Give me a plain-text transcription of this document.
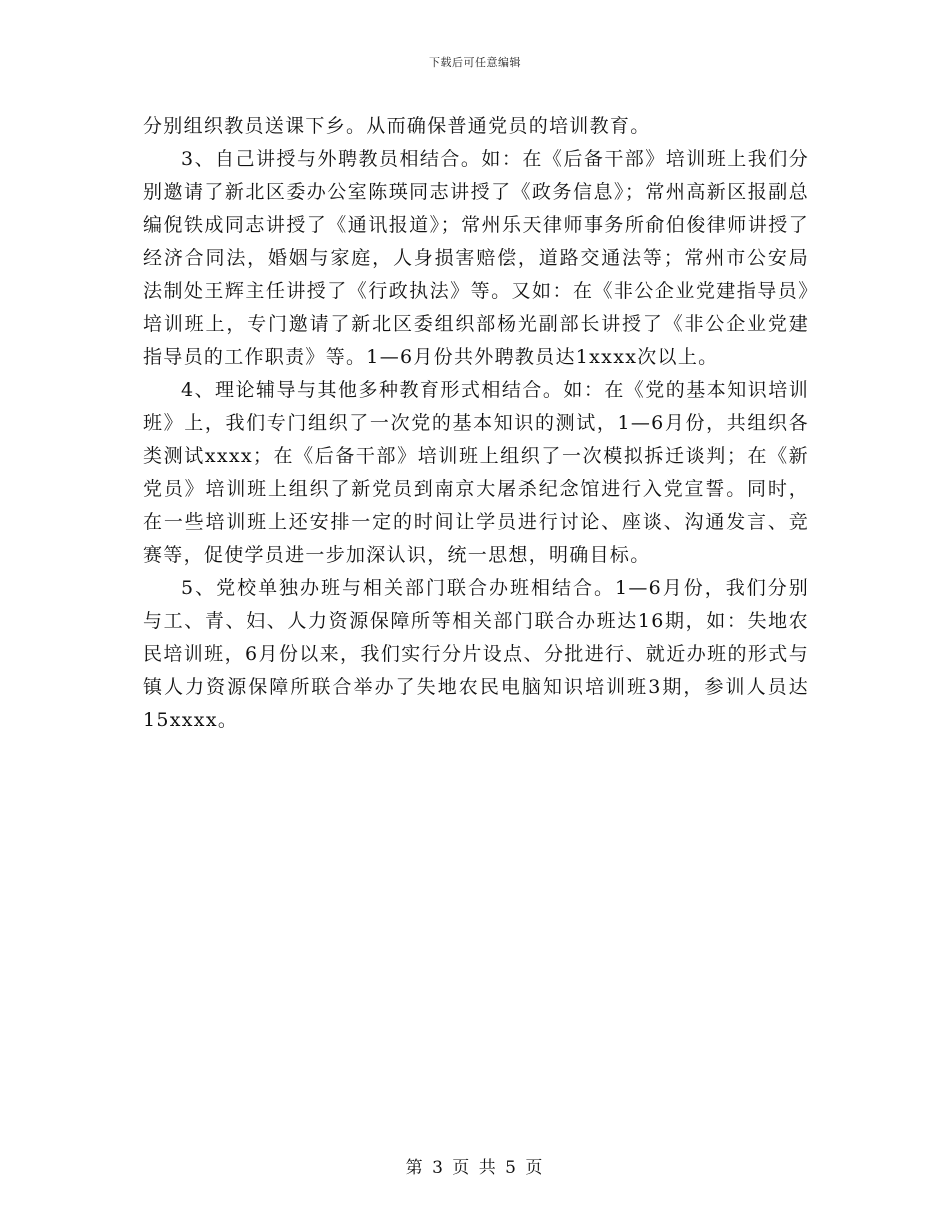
下载后可任意编辑

分别组织教员送课下乡。从而确保普通党员的培训教育。

3、自己讲授与外聘教员相结合。如：在《后备干部》培训班上我们分别邀请了新北区委办公室陈瑛同志讲授了《政务信息》；常州高新区报副总编倪铁成同志讲授了《通讯报道》；常州乐天律师事务所俞伯俊律师讲授了经济合同法，婚姻与家庭，人身损害赔偿，道路交通法等；常州市公安局法制处王辉主任讲授了《行政执法》等。又如：在《非公企业党建指导员》培训班上，专门邀请了新北区委组织部杨光副部长讲授了《非公企业党建指导员的工作职责》等。1—6月份共外聘教员达1xxxx次以上。

4、理论辅导与其他多种教育形式相结合。如：在《党的基本知识培训班》上，我们专门组织了一次党的基本知识的测试，1—6月份，共组织各类测试xxxx；在《后备干部》培训班上组织了一次模拟拆迁谈判；在《新党员》培训班上组织了新党员到南京大屠杀纪念馆进行入党宣誓。同时，在一些培训班上还安排一定的时间让学员进行讨论、座谈、沟通发言、竞赛等，促使学员进一步加深认识，统一思想，明确目标。

5、党校单独办班与相关部门联合办班相结合。1—6月份，我们分别与工、青、妇、人力资源保障所等相关部门联合办班达16期，如：失地农民培训班，6月份以来，我们实行分片设点、分批进行、就近办班的形式与镇人力资源保障所联合举办了失地农民电脑知识培训班3期，参训人员达15xxxx。

第 3 页 共 5 页
